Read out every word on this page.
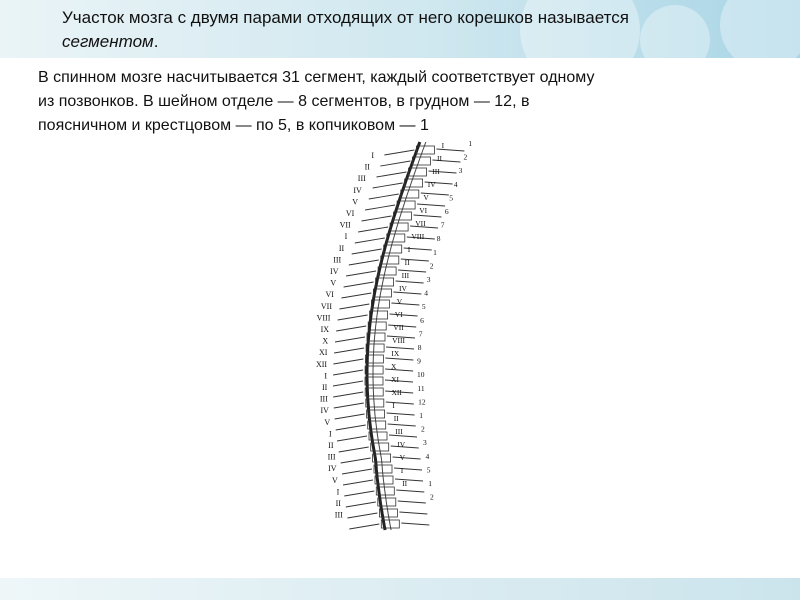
Участок мозга с двумя парами отходящих от него корешков называется
сегментом.
В спинном мозге насчитывается 31 сегмент, каждый соответствует одному
из позвонков. В шейном отделе — 8 сегментов, в грудном — 12, в
поясничном и крестцовом — по 5, в копчиковом — 1
I
II
III
IV
V
VI
VII
I
II
III
IV
V
VI
VII
VIII
IX
X
XI
XII
I
II
III
IV
V
I
II
III
IV
V
I
II
III
I
II
III
IV
V
VI
VII
VIII
I
II
III
IV
V
VI
VII
VIII
IX
X
XI
XII
I
II
III
IV
V
I
II
1
2
3
4
5
6
7
8
1
2
3
4
5
6
7
8
9
10
11
12
1
2
3
4
5
1
2
